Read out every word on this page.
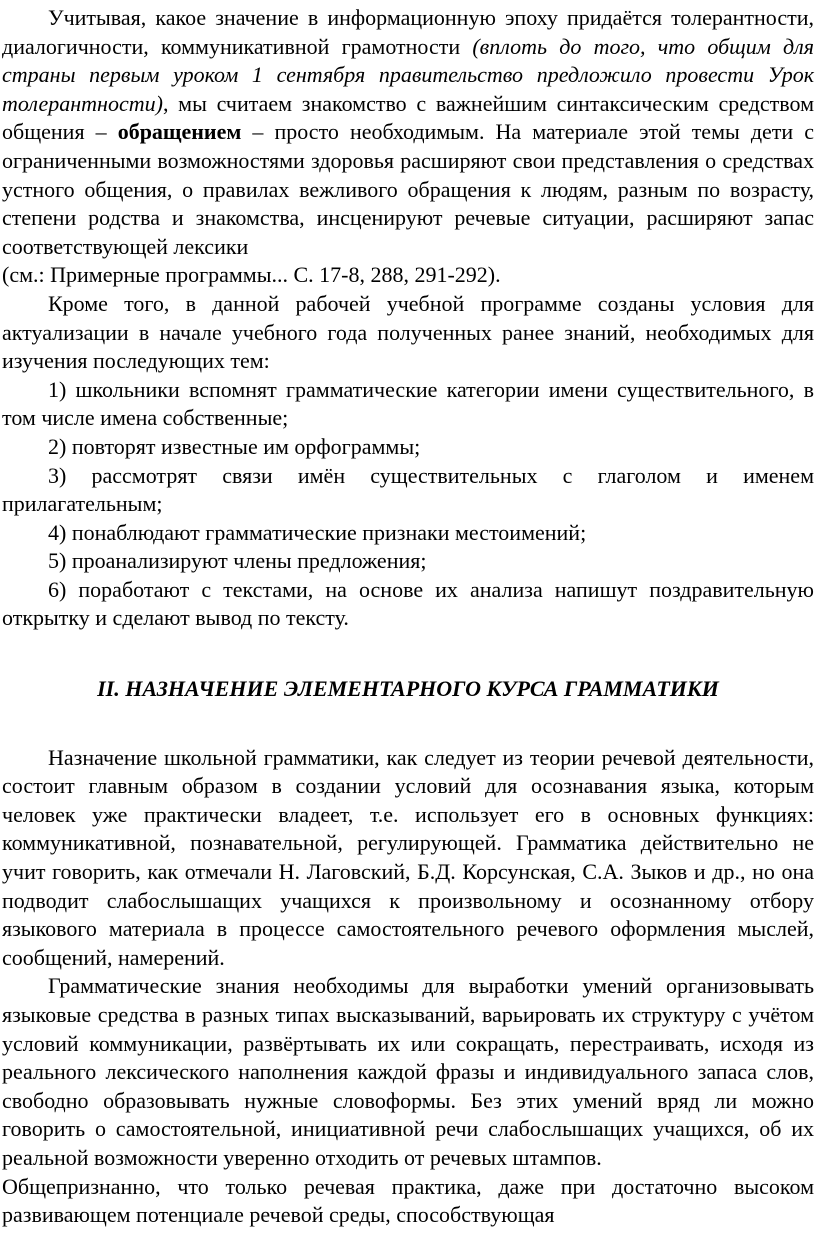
Учитывая, какое значение в информационную эпоху придаётся толерантности, диалогичности, коммуникативной грамотности (вплоть до того, что общим для страны первым уроком 1 сентября правительство предложило провести Урок толерантности), мы считаем знакомство с важнейшим синтаксическим средством общения – обращением – просто необходимым. На материале этой темы дети с ограниченными возможностями здоровья расширяют свои представления о средствах устного общения, о правилах вежливого обращения к людям, разным по возрасту, степени родства и знакомства, инсценируют речевые ситуации, расширяют запас соответствующей лексики

(см.: Примерные программы... С. 17-8, 288, 291-292).

Кроме того, в данной рабочей учебной программе созданы условия для актуализации в начале учебного года полученных ранее знаний, необходимых для изучения последующих тем:

1) школьники вспомнят грамматические категории имени существительного, в том числе имена собственные;

2) повторят известные им орфограммы;

3) рассмотрят связи имён существительных с глаголом и именем прилагательным;

4) понаблюдают грамматические признаки местоимений;

5) проанализируют члены предложения;

6) поработают с текстами, на основе их анализа напишут поздравительную открытку и сделают вывод по тексту.

II. НАЗНАЧЕНИЕ ЭЛЕМЕНТАРНОГО КУРСА ГРАММАТИКИ

Назначение школьной грамматики, как следует из теории речевой деятельности, состоит главным образом в создании условий для осознавания языка, которым человек уже практически владеет, т.е. использует его в основных функциях: коммуникативной, познавательной, регулирующей. Грамматика действительно не учит говорить, как отмечали Н. Лаговский, Б.Д. Корсунская, С.А. Зыков и др., но она подводит слабослышащих учащихся к произвольному и осознанному отбору языкового материала в процессе самостоятельного речевого оформления мыслей, сообщений, намерений.

Грамматические знания необходимы для выработки умений организовывать языковые средства в разных типах высказываний, варьировать их структуру с учётом условий коммуникации, развёртывать их или сокращать, перестраивать, исходя из реального лексического наполнения каждой фразы и индивидуального запаса слов, свободно образовывать нужные словоформы. Без этих умений вряд ли можно говорить о самостоятельной, инициативной речи слабослышащих учащихся, об их реальной возможности уверенно отходить от речевых штампов.

Общепризнанно, что только речевая практика, даже при достаточно высоком развивающем потенциале речевой среды, способствующая
